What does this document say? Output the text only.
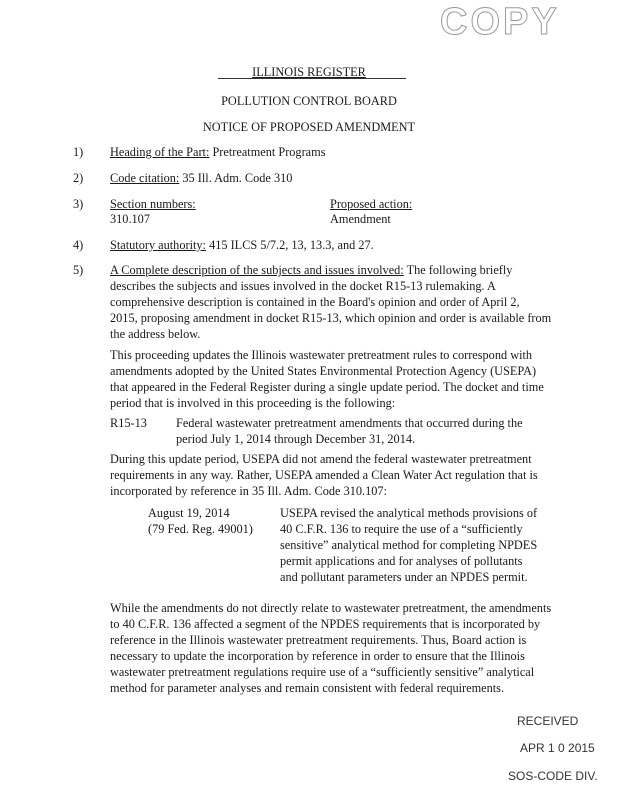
COPY
ILLINOIS REGISTER
POLLUTION CONTROL BOARD
NOTICE OF PROPOSED AMENDMENT
1) Heading of the Part: Pretreatment Programs
2) Code citation: 35 Ill. Adm. Code 310
3) Section numbers:
310.107
Proposed action:
Amendment
4) Statutory authority: 415 ILCS 5/7.2, 13, 13.3, and 27.
5) A Complete description of the subjects and issues involved: The following briefly
describes the subjects and issues involved in the docket R15-13 rulemaking. A
comprehensive description is contained in the Board's opinion and order of April 2,
2015, proposing amendment in docket R15-13, which opinion and order is available from
the address below.
This proceeding updates the Illinois wastewater pretreatment rules to correspond with
amendments adopted by the United States Environmental Protection Agency (USEPA)
that appeared in the Federal Register during a single update period. The docket and time
period that is involved in this proceeding is the following:
R15-13 Federal wastewater pretreatment amendments that occurred during the
period July 1, 2014 through December 31, 2014.
During this update period, USEPA did not amend the federal wastewater pretreatment
requirements in any way. Rather, USEPA amended a Clean Water Act regulation that is
incorporated by reference in 35 Ill. Adm. Code 310.107:
August 19, 2014
(79 Fed. Reg. 49001)
USEPA revised the analytical methods provisions of
40 C.F.R. 136 to require the use of a “sufficiently
sensitive” analytical method for completing NPDES
permit applications and for analyses of pollutants
and pollutant parameters under an NPDES permit.
While the amendments do not directly relate to wastewater pretreatment, the amendments
to 40 C.F.R. 136 affected a segment of the NPDES requirements that is incorporated by
reference in the Illinois wastewater pretreatment requirements. Thus, Board action is
necessary to update the incorporation by reference in order to ensure that the Illinois
wastewater pretreatment regulations require use of a “sufficiently sensitive” analytical
method for parameter analyses and remain consistent with federal requirements.
RECEIVED
APR 1 0 2015
SOS-CODE DIV.
